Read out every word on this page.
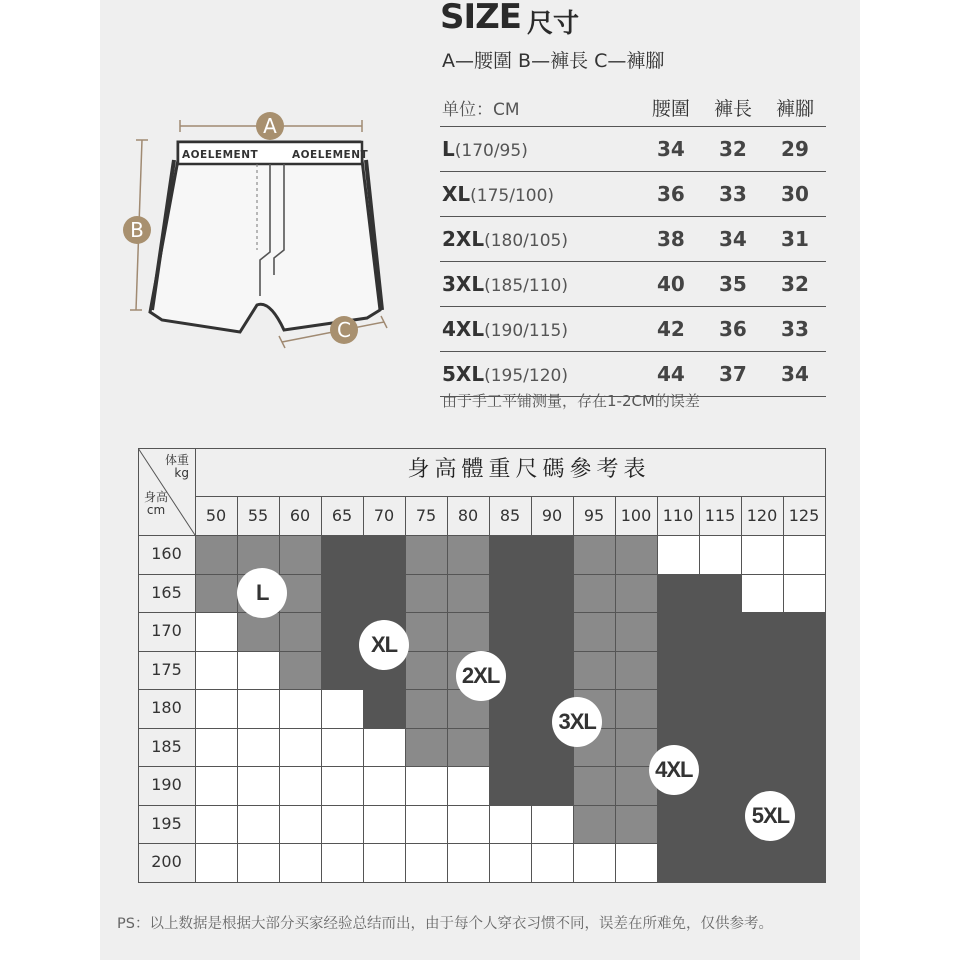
SIZE 尺寸
A—腰圍 B—褲長 C—褲腳
A
B
AOELEMENT	AOELEMENT
C
单位：CM	腰圍	褲長	褲腳
L(170/95)	34	32	29
XL(175/100)	36	33	30
2XL(180/105)	38	34	31
3XL(185/110)	40	35	32
4XL(190/115)	42	36	33
5XL(195/120)	44	37	34
由于手工平铺测量，存在1-2CM的误差
身高體重尺碼參考表
体重
kg
身高
cm	50	55	60	65	70	75	80	85	90	95	100 110 115 120 125
160
165
170
175
180
185
190
195
200
L
XL
2XL
3XL
4XL
5XL
PS：以上数据是根据大部分买家经验总结而出，由于每个人穿衣习惯不同，误差在所难免，仅供参考。
